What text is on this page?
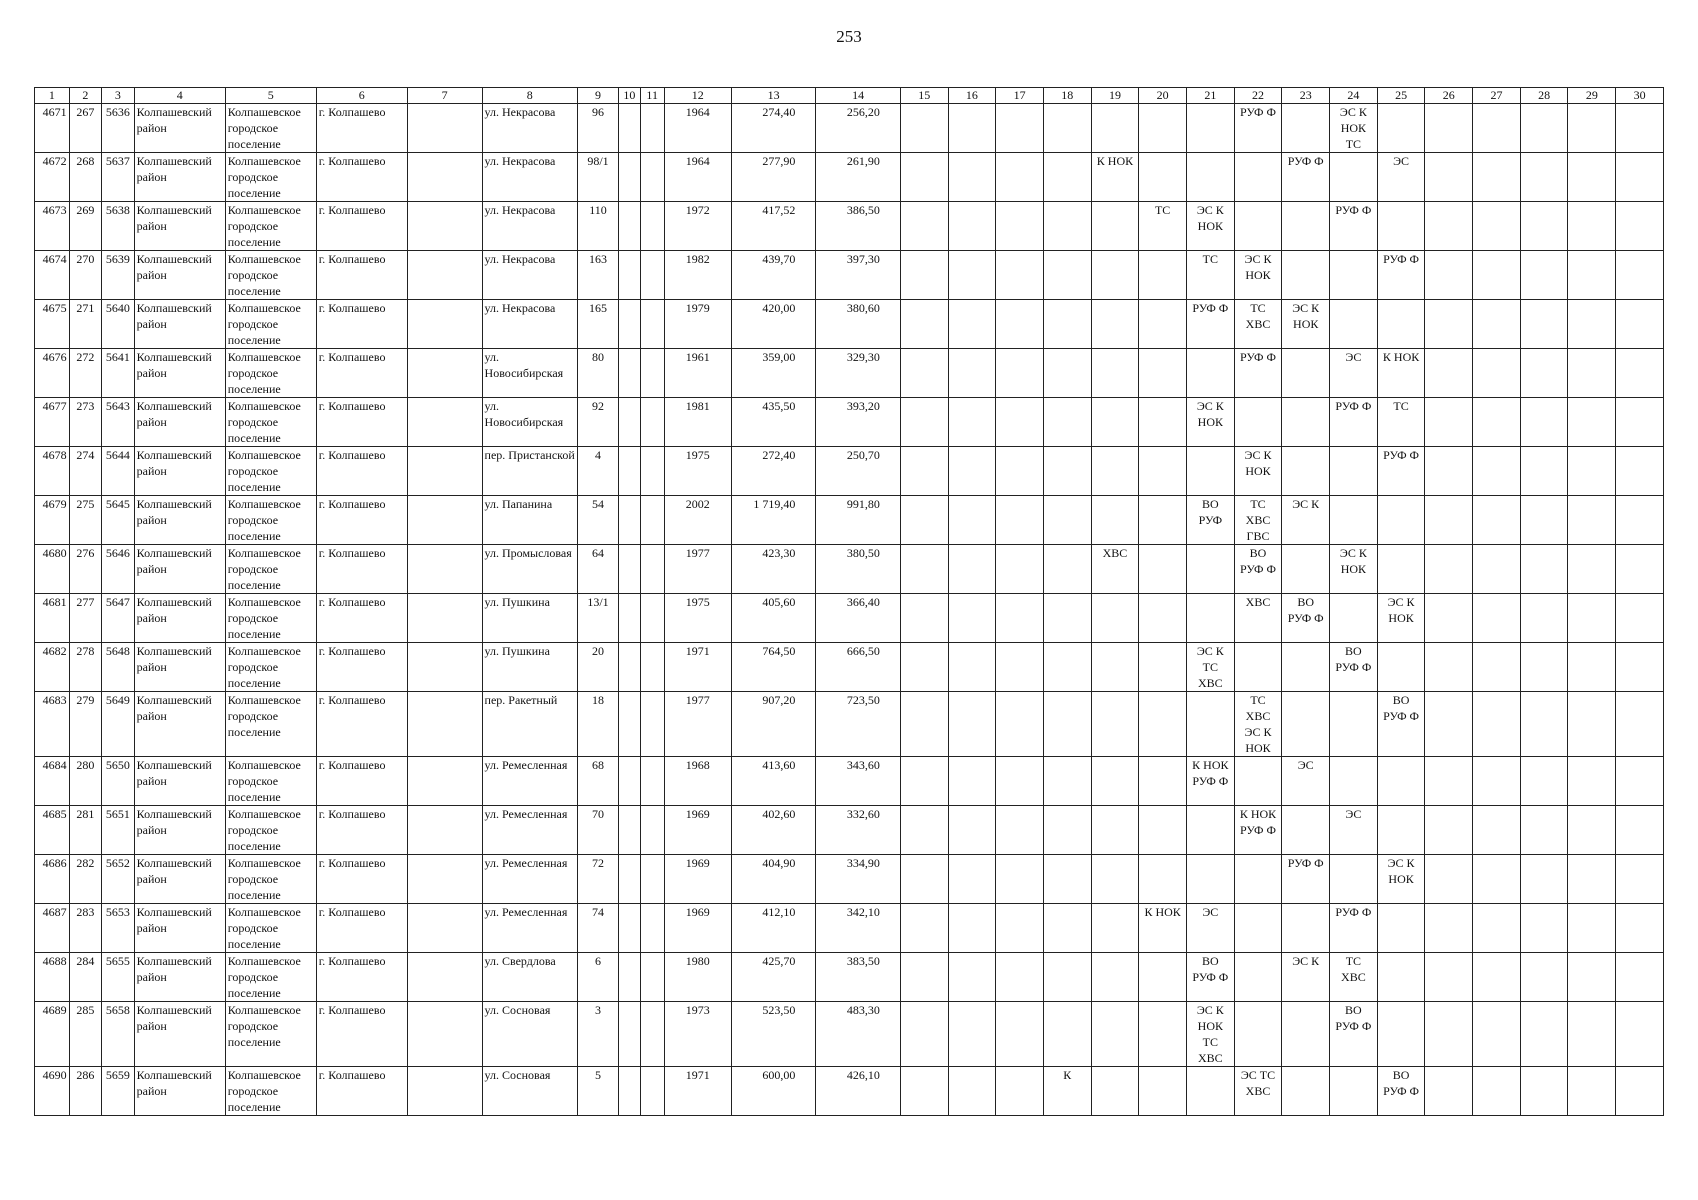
253
1	2	3	4	5	6	7	8	9	10	11	12	13	14	15	16	17	18	19	20	21	22	23	24	25	26	27	28	29	30
4671	267	5636	Колпашевский район	Колпашевское городское поселение	г. Колпашево		ул. Некрасова	96			1964	274,40	256,20								РУФ Ф		ЭС К НОК ТС						
4672	268	5637	Колпашевский район	Колпашевское городское поселение	г. Колпашево		ул. Некрасова	98/1			1964	277,90	261,90					К НОК				РУФ Ф		ЭС					
4673	269	5638	Колпашевский район	Колпашевское городское поселение	г. Колпашево		ул. Некрасова	110			1972	417,52	386,50						ТС	ЭС К НОК			РУФ Ф						
4674	270	5639	Колпашевский район	Колпашевское городское поселение	г. Колпашево		ул. Некрасова	163			1982	439,70	397,30							ТС	ЭС К НОК			РУФ Ф					
4675	271	5640	Колпашевский район	Колпашевское городское поселение	г. Колпашево		ул. Некрасова	165			1979	420,00	380,60							РУФ Ф	ТС ХВС	ЭС К НОК							
4676	272	5641	Колпашевский район	Колпашевское городское поселение	г. Колпашево		ул. Новосибирская	80			1961	359,00	329,30								РУФ Ф		ЭС	К НОК					
4677	273	5643	Колпашевский район	Колпашевское городское поселение	г. Колпашево		ул. Новосибирская	92			1981	435,50	393,20							ЭС К НОК			РУФ Ф	ТС					
4678	274	5644	Колпашевский район	Колпашевское городское поселение	г. Колпашево		пер. Пристанской	4			1975	272,40	250,70								ЭС К НОК			РУФ Ф					
4679	275	5645	Колпашевский район	Колпашевское городское поселение	г. Колпашево		ул. Папанина	54			2002	1 719,40	991,80							ВО РУФ	ТС ХВС ГВС	ЭС К							
4680	276	5646	Колпашевский район	Колпашевское городское поселение	г. Колпашево		ул. Промысловая	64			1977	423,30	380,50					ХВС			ВО РУФ Ф		ЭС К НОК						
4681	277	5647	Колпашевский район	Колпашевское городское поселение	г. Колпашево		ул. Пушкина	13/1			1975	405,60	366,40								ХВС	ВО РУФ Ф		ЭС К НОК					
4682	278	5648	Колпашевский район	Колпашевское городское поселение	г. Колпашево		ул. Пушкина	20			1971	764,50	666,50							ЭС К ТС ХВС			ВО РУФ Ф						
4683	279	5649	Колпашевский район	Колпашевское городское поселение	г. Колпашево		пер. Ракетный	18			1977	907,20	723,50								ТС ХВС ЭС К НОК			ВО РУФ Ф					
4684	280	5650	Колпашевский район	Колпашевское городское поселение	г. Колпашево		ул. Ремесленная	68			1968	413,60	343,60							К НОК РУФ Ф		ЭС							
4685	281	5651	Колпашевский район	Колпашевское городское поселение	г. Колпашево		ул. Ремесленная	70			1969	402,60	332,60								К НОК РУФ Ф		ЭС						
4686	282	5652	Колпашевский район	Колпашевское городское поселение	г. Колпашево		ул. Ремесленная	72			1969	404,90	334,90									РУФ Ф		ЭС К НОК					
4687	283	5653	Колпашевский район	Колпашевское городское поселение	г. Колпашево		ул. Ремесленная	74			1969	412,10	342,10						К НОК	ЭС			РУФ Ф						
4688	284	5655	Колпашевский район	Колпашевское городское поселение	г. Колпашево		ул. Свердлова	6			1980	425,70	383,50							ВО РУФ Ф		ЭС К	ТС ХВС						
4689	285	5658	Колпашевский район	Колпашевское городское поселение	г. Колпашево		ул. Сосновая	3			1973	523,50	483,30							ЭС К НОК ТС ХВС			ВО РУФ Ф						
4690	286	5659	Колпашевский район	Колпашевское городское поселение	г. Колпашево		ул. Сосновая	5			1971	600,00	426,10				К				ЭС ТС ХВС			ВО РУФ Ф					
